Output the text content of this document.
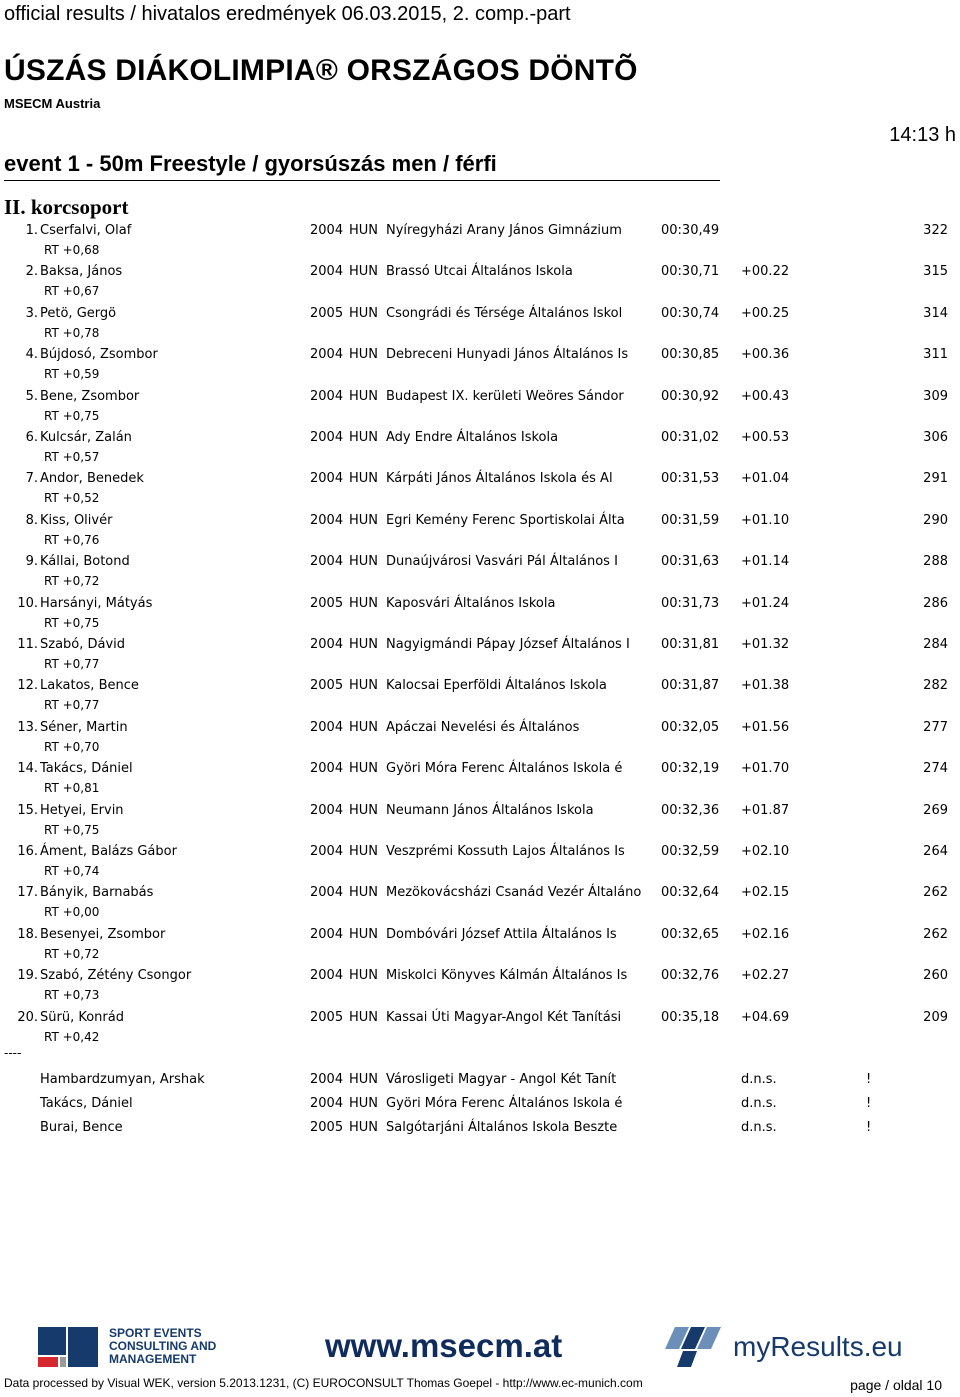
official results / hivatalos eredmények 06.03.2015, 2. comp.-part
ÚSZÁS DIÁKOLIMPIA® ORSZÁGOS DÖNTÕ
MSECM Austria
14:13 h
event 1 - 50m Freestyle / gyorsúszás men / férfi
II. korcsoport
1. Cserfalvi, Olaf	2004 HUN Nyíregyházi Arany János Gimnázium	00:30,49	322
RT +0,68
2. Baksa, János	2004 HUN Brassó Utcai Általános Iskola	00:30,71 +00.22	315
RT +0,67
3. Petö, Gergö	2005 HUN Csongrádi és Térsége Általános Iskol	00:30,74 +00.25	314
RT +0,78
4. Bújdosó, Zsombor	2004 HUN Debreceni Hunyadi János Általános Is	00:30,85 +00.36	311
RT +0,59
5. Bene, Zsombor	2004 HUN Budapest IX. kerületi Weöres Sándor	00:30,92 +00.43	309
RT +0,75
6. Kulcsár, Zalán	2004 HUN Ady Endre Általános Iskola	00:31,02 +00.53	306
RT +0,57
7. Andor, Benedek	2004 HUN Kárpáti János Általános Iskola és Al	00:31,53 +01.04	291
RT +0,52
8. Kiss, Olivér	2004 HUN Egri Kemény Ferenc Sportiskolai Álta	00:31,59 +01.10	290
RT +0,76
9. Kállai, Botond	2004 HUN Dunaújvárosi Vasvári Pál Általános I	00:31,63 +01.14	288
RT +0,72
10. Harsányi, Mátyás	2005 HUN Kaposvári Általános Iskola	00:31,73 +01.24	286
RT +0,75
11. Szabó, Dávid	2004 HUN Nagyigmándi Pápay József Általános I 00:31,81 +01.32	284
RT +0,77
12. Lakatos, Bence	2005 HUN Kalocsai Eperföldi Általános Iskola	00:31,87 +01.38	282
RT +0,77
13. Séner, Martin	2004 HUN Apáczai Nevelési és Általános	00:32,05 +01.56	277
RT +0,70
14. Takács, Dániel	2004 HUN Györi Móra Ferenc Általános Iskola é	00:32,19 +01.70	274
RT +0,81
15. Hetyei, Ervin	2004 HUN Neumann János Általános Iskola	00:32,36 +01.87	269
RT +0,75
16. Áment, Balázs Gábor	2004 HUN Veszprémi Kossuth Lajos Általános Is	00:32,59 +02.10	264
RT +0,74
17. Bányik, Barnabás	2004 HUN Mezökovácsházi Csanád Vezér Általáno 00:32,64 +02.15	262
RT +0,00
18. Besenyei, Zsombor	2004 HUN Dombóvári József Attila Általános Is	00:32,65 +02.16	262
RT +0,72
19. Szabó, Zétény Csongor	2004 HUN Miskolci Könyves Kálmán Általános Is	00:32,76 +02.27	260
RT +0,73
20. Sürü, Konrád	2005 HUN Kassai Úti Magyar-Angol Két Tanítási	00:35,18 +04.69	209
RT +0,42
----
Hambardzumyan, Arshak	2004 HUN Városligeti Magyar - Angol Két Tanít	d.n.s.	!
Takács, Dániel	2004 HUN Györi Móra Ferenc Általános Iskola é	d.n.s.	!
Burai, Bence	2005 HUN Salgótarjáni Általános Iskola Beszte	d.n.s.	!
SPORT EVENTS
CONSULTING AND
MANAGEMENT	www.msecm.at	myResults.eu
Data processed by Visual WEK, version 5.2013.1231, (C) EUROCONSULT Thomas Goepel - http://www.ec-munich.com	page / oldal 10
